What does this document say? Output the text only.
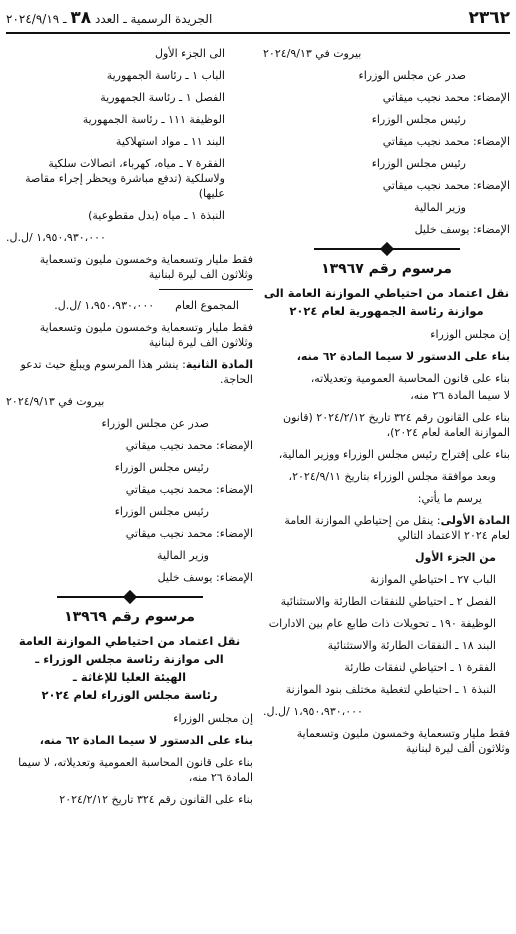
٢٣٦٢
الجريدة الرسمية ـ العدد ٣٨ ـ ٢٠٢٤/٩/١٩

بيروت في ٢٠٢٤/٩/١٣

صدر عن مجلس الوزراء

الإمضاء: محمد نجيب ميقاتي

رئيس مجلس الوزراء

الإمضاء: محمد نجيب ميقاتي

رئيس مجلس الوزراء

الإمضاء: محمد نجيب ميقاتي

وزير المالية

الإمضاء: يوسف خليل

مرسوم رقم ١٣٩٦٧

نقل اعتماد من احتياطي الموازنة العامة الى موازنة رئاسة الجمهورية لعام ٢٠٢٤

إن مجلس الوزراء

بناء على الدستور لا سيما المادة ٦٢ منه،

بناء على قانون المحاسبة العمومية وتعديلاته،

لا سيما المادة ٢٦ منه،

بناء على القانون رقم ٣٢٤ تاريخ ٢٠٢٤/٢/١٢ (قانون الموازنة العامة لعام ٢٠٢٤)،

بناء على إقتراح رئيس مجلس الوزراء ووزير المالية،

وبعد موافقة مجلس الوزراء بتاريخ ٢٠٢٤/٩/١١،

يرسم ما يأتي:

المادة الأولى: ينقل من إحتياطي الموازنة العامة لعام ٢٠٢٤ الاعتماد التالي

من الجزء الأول

الباب ٢٧ ـ احتياطي الموازنة

الفصل ٢ ـ احتياطي للنفقات الطارئة والاستثنائية

الوظيفة ١٩٠ ـ تحويلات ذات طابع عام بين الادارات

البند ١٨ ـ النفقات الطارئة والاستثنائية

الفقرة ١ ـ احتياطي لنفقات طارئة

النبذة ١ ـ احتياطي لتغطية مختلف بنود الموازنة

١،٩٥٠،٩٣٠،٠٠٠ /ل.ل.

فقط مليار وتسعماية وخمسون مليون وتسعماية وثلاثون ألف ليرة لبنانية

الى الجزء الأول

الباب ١ ـ رئاسة الجمهورية

الفصل ١ ـ رئاسة الجمهورية

الوظيفة ١١١ ـ رئاسة الجمهورية

البند ١١ ـ مواد استهلاكية

الفقرة ٧ ـ مياه، كهرباء، اتصالات سلكية ولاسلكية (تدفع مباشرة ويحظر إجراء مقاصة عليها)

النبذة ١ ـ مياه (بدل مقطوعية)

١،٩٥٠،٩٣٠،٠٠٠ /ل.ل.

فقط مليار وتسعماية وخمسون مليون وتسعماية وثلاثون الف ليرة لبنانية

المجموع العام      ١،٩٥٠،٩٣٠،٠٠٠ /ل.ل.

فقط مليار وتسعماية وخمسون مليون وتسعماية وثلاثون الف ليرة لبنانية

المادة الثانية: ينشر هذا المرسوم ويبلغ حيث تدعو الحاجة.

بيروت في ٢٠٢٤/٩/١٣

صدر عن مجلس الوزراء

الإمضاء: محمد نجيب ميقاتي

رئيس مجلس الوزراء

الإمضاء: محمد نجيب ميقاتي

رئيس مجلس الوزراء

الإمضاء: محمد نجيب ميقاتي

وزير المالية

الإمضاء: يوسف خليل

مرسوم رقم ١٣٩٦٩

نقل اعتماد من احتياطي الموازنة العامة

الى موازنة رئاسة مجلس الوزراء ـ

الهيئة العليا للإغاثة ـ

رئاسة مجلس الوزراء لعام ٢٠٢٤

إن مجلس الوزراء

بناء على الدستور لا سيما المادة ٦٢ منه،

بناء على قانون المحاسبة العمومية وتعديلاته، لا سيما المادة ٢٦ منه،

بناء على القانون رقم ٣٢٤ تاريخ ٢٠٢٤/٢/١٢
